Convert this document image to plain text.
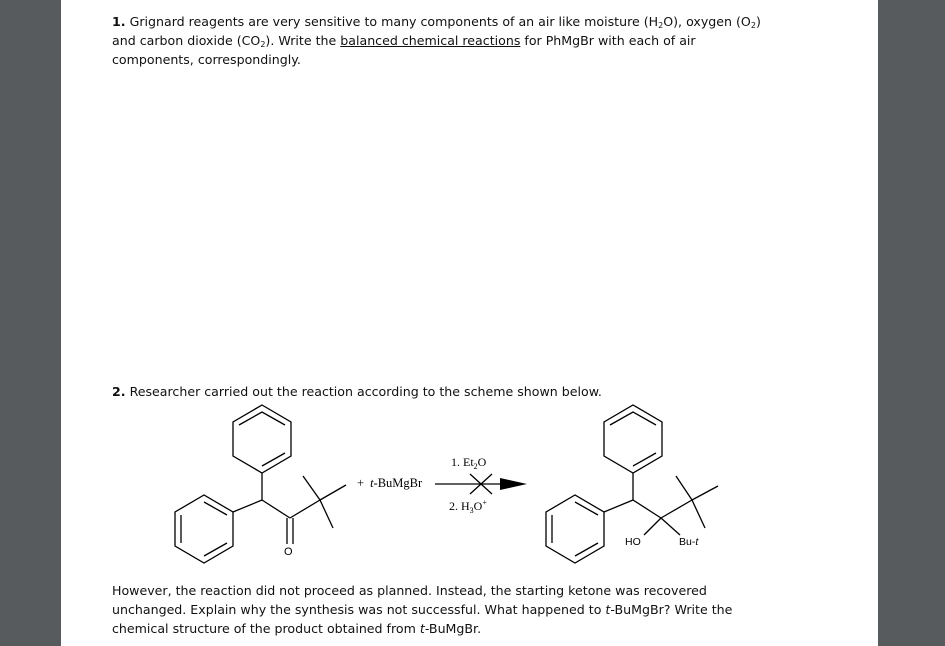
1. Grignard reagents are very sensitive to many components of an air like moisture $(H_2O)$, oxygen $(O_2)$ and carbon dioxide $(CO_2)$. Write the balanced chemical reactions for PhMgBr with each of air components, correspondingly.

2. Researcher carried out the reaction according to the scheme shown below.

O
+ t-BuMgBr
1. $Et_2O$
2. $H_3O^+$
HO	Bu-t

However, the reaction did not proceed as planned. Instead, the starting ketone was recovered unchanged. Explain why the synthesis was not successful. What happened to t-BuMgBr? Write the chemical structure of the product obtained from t-BuMgBr.
